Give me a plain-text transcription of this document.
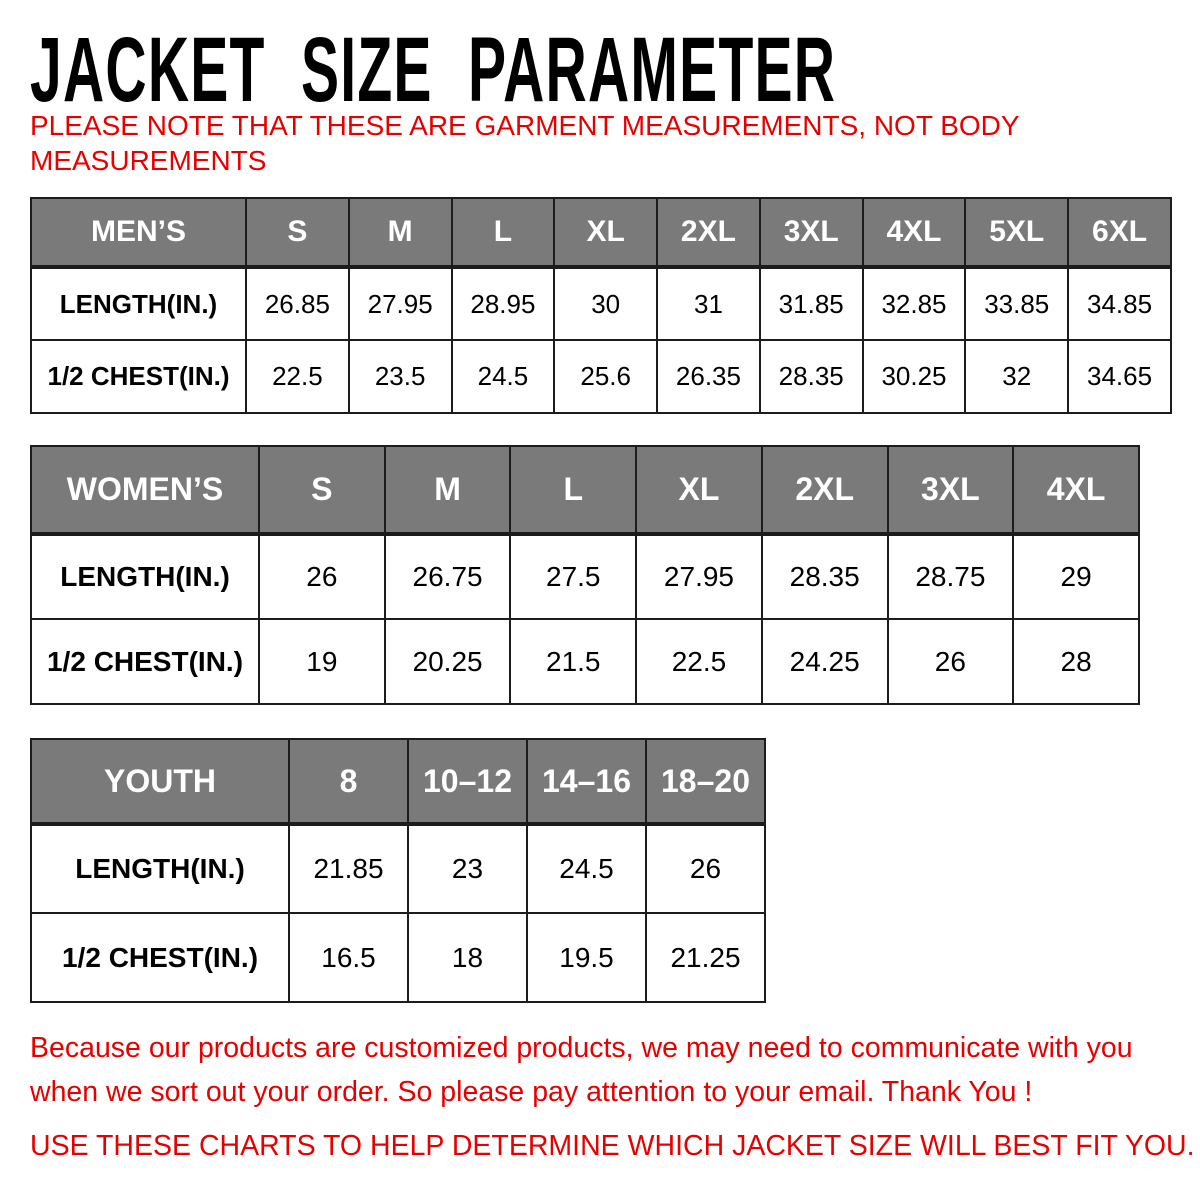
JACKET SIZE PARAMETER

PLEASE NOTE THAT THESE ARE GARMENT MEASUREMENTS, NOT BODY
MEASUREMENTS

MEN’S	S	M	L	XL	2XL	3XL	4XL	5XL	6XL
LENGTH(IN.)	26.85	27.95	28.95	30	31	31.85	32.85	33.85	34.85
1/2 CHEST(IN.)	22.5	23.5	24.5	25.6	26.35	28.35	30.25	32	34.65
WOMEN’S	S	M	L	XL	2XL	3XL	4XL
LENGTH(IN.)	26	26.75	27.5	27.95	28.35	28.75	29
1/2 CHEST(IN.)	19	20.25	21.5	22.5	24.25	26	28
YOUTH	8	10–12	14–16	18–20
LENGTH(IN.)	21.85	23	24.5	26
1/2 CHEST(IN.)	16.5	18	19.5	21.25

Because our products are customized products, we may need to communicate with you
when we sort out your order. So please pay attention to your email. Thank You !

USE THESE CHARTS TO HELP DETERMINE WHICH JACKET SIZE WILL BEST FIT YOU.
